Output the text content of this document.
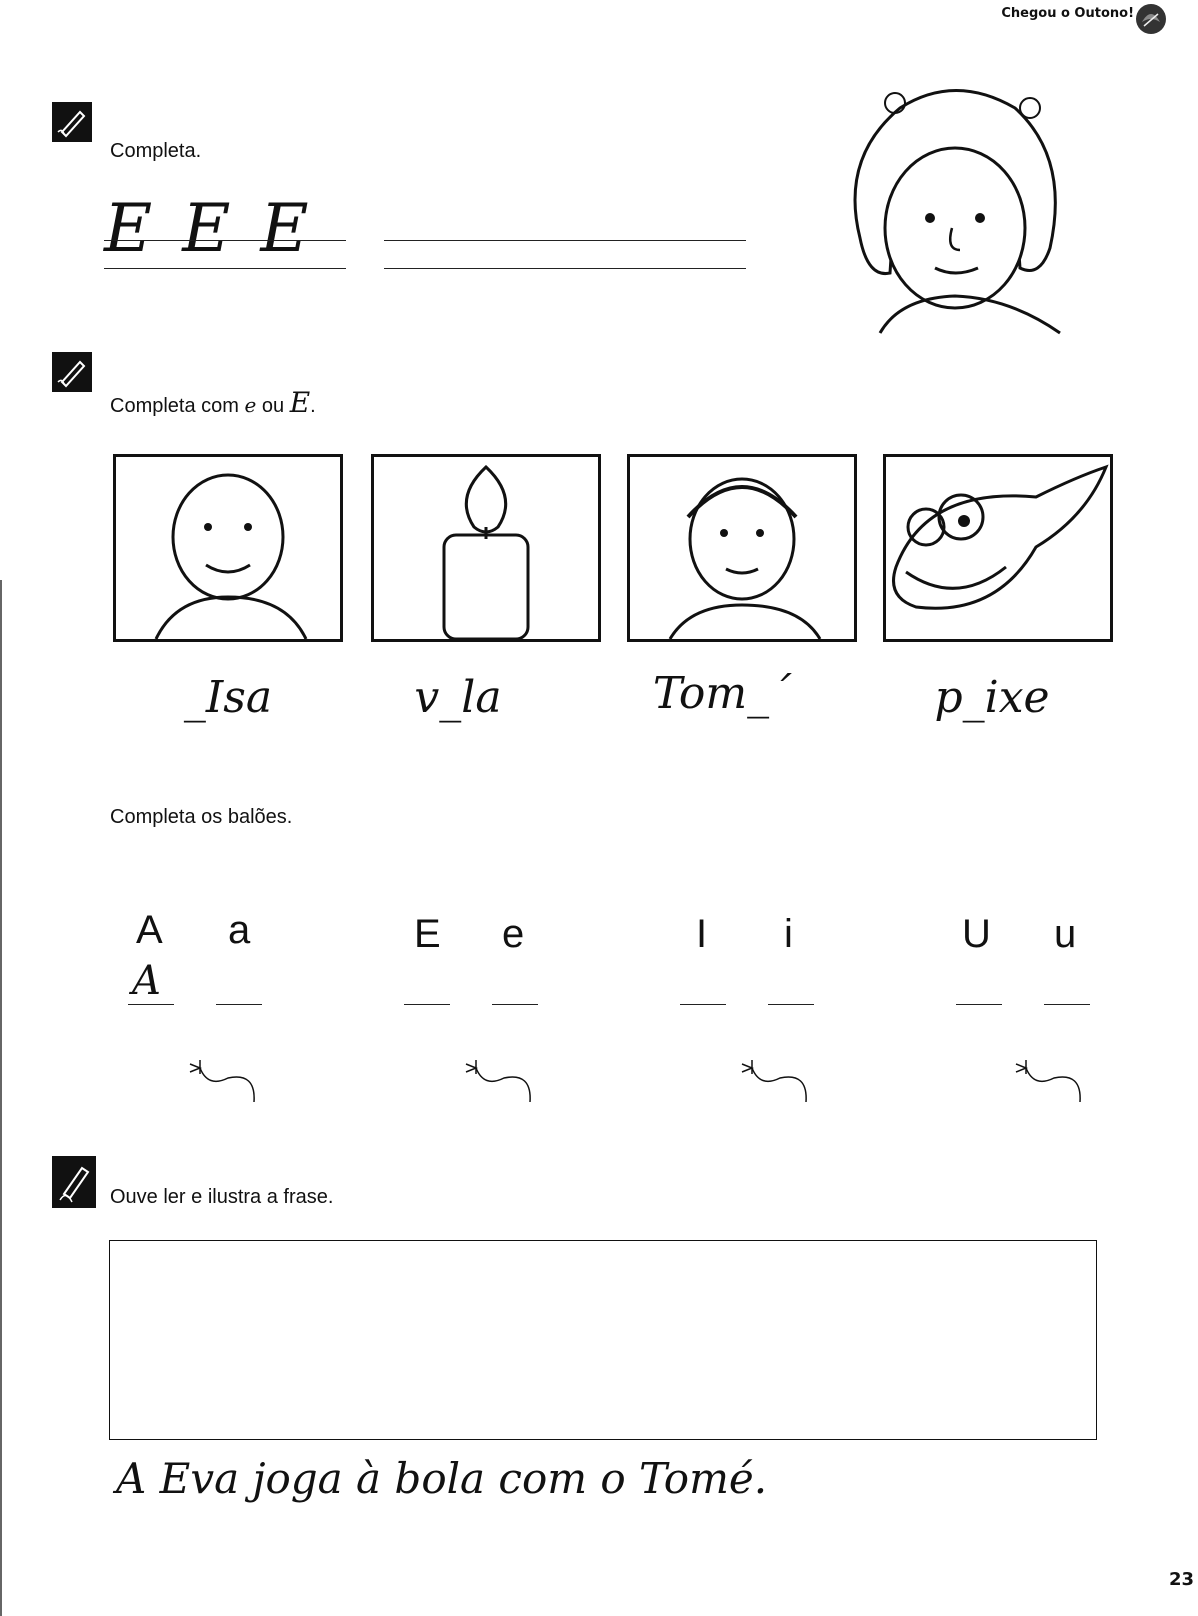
Chegou o Outono!
Completa.
EEE
Completa com e ou E.
_Isa	v_la	Tom_´	p_ixe
Completa os balões.
A a
A
E e	I i	U u
Ouve ler e ilustra a frase.
A Eva joga à bola com o Tomé.
23
